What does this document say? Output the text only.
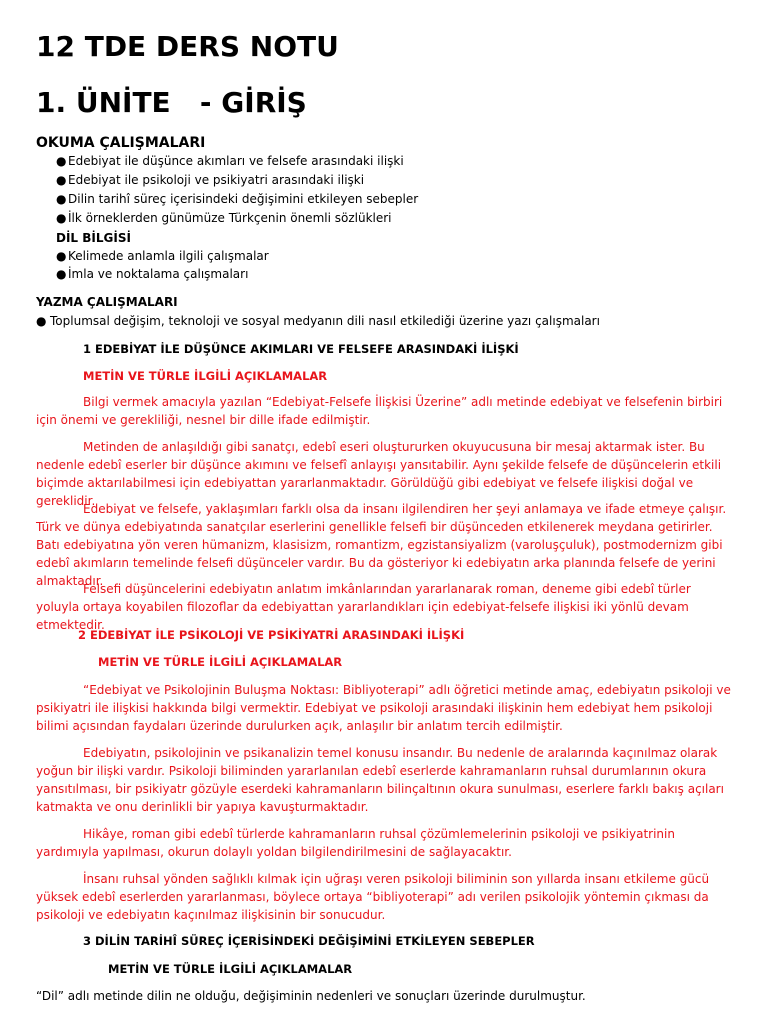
12 TDE DERS NOTU
1. ÜNİTE   - GİRİŞ
OKUMA ÇALIŞMALARI
● Edebiyat ile düşünce akımları ve felsefe arasındaki ilişki
● Edebiyat ile psikoloji ve psikiyatri arasındaki ilişki
● Dilin tarihî süreç içerisindeki değişimini etkileyen sebepler
● İlk örneklerden günümüze Türkçenin önemli sözlükleri
DİL BİLGİSİ
● Kelimede anlamla ilgili çalışmalar
● İmla ve noktalama çalışmaları
YAZMA ÇALIŞMALARI
● Toplumsal değişim, teknoloji ve sosyal medyanın dili nasıl etkilediği üzerine yazı çalışmaları
1 EDEBİYAT İLE DÜŞÜNCE AKIMLARI VE FELSEFE ARASINDAKİ İLİŞKİ
METİN VE TÜRLE İLGİLİ AÇIKLAMALAR

Bilgi vermek amacıyla yazılan “Edebiyat-Felsefe İlişkisi Üzerine” adlı metinde edebiyat ve felsefenin birbiri için önemi ve gerekliliği, nesnel bir dille ifade edilmiştir.

Metinden de anlaşıldığı gibi sanatçı, edebî eseri oluştururken okuyucusuna bir mesaj aktarmak ister. Bu nedenle edebî eserler bir düşünce akımını ve felsefî anlayışı yansıtabilir. Aynı şekilde felsefe de düşüncelerin etkili biçimde aktarılabilmesi için edebiyattan yararlanmaktadır. Görüldüğü gibi edebiyat ve felsefe ilişkisi doğal ve gereklidir.

Edebiyat ve felsefe, yaklaşımları farklı olsa da insanı ilgilendiren her şeyi anlamaya ve ifade etmeye çalışır. Türk ve dünya edebiyatında sanatçılar eserlerini genellikle felsefi bir düşünceden etkilenerek meydana getirirler. Batı edebiyatına yön veren hümanizm, klasisizm, romantizm, egzistansiyalizm (varoluşçuluk), postmodernizm gibi edebî akımların temelinde felsefi düşünceler vardır. Bu da gösteriyor ki edebiyatın arka planında felsefe de yerini almaktadır.

Felsefi düşüncelerini edebiyatın anlatım imkânlarından yararlanarak roman, deneme gibi edebî türler yoluyla ortaya koyabilen filozoflar da edebiyattan yararlandıkları için edebiyat-felsefe ilişkisi iki yönlü devam etmektedir.

2 EDEBİYAT İLE PSİKOLOJİ VE PSİKİYATRİ ARASINDAKİ İLİŞKİ
METİN VE TÜRLE İLGİLİ AÇIKLAMALAR

“Edebiyat ve Psikolojinin Buluşma Noktası: Bibliyoterapi” adlı öğretici metinde amaç, edebiyatın psikoloji ve psikiyatri ile ilişkisi hakkında bilgi vermektir. Edebiyat ve psikoloji arasındaki ilişkinin hem edebiyat hem psikoloji bilimi açısından faydaları üzerinde durulurken açık, anlaşılır bir anlatım tercih edilmiştir.

Edebiyatın, psikolojinin ve psikanalizin temel konusu insandır. Bu nedenle de aralarında kaçınılmaz olarak yoğun bir ilişki vardır. Psikoloji biliminden yararlanılan edebî eserlerde kahramanların ruhsal durumlarının okura yansıtılması, bir psikiyatr gözüyle eserdeki kahramanların bilinçaltının okura sunulması, eserlere farklı bakış açıları katmakta ve onu derinlikli bir yapıya kavuşturmaktadır.

Hikâye, roman gibi edebî türlerde kahramanların ruhsal çözümlemelerinin psikoloji ve psikiyatrinin yardımıyla yapılması, okurun dolaylı yoldan bilgilendirilmesini de sağlayacaktır.

İnsanı ruhsal yönden sağlıklı kılmak için uğraşı veren psikoloji biliminin son yıllarda insanı etkileme gücü yüksek edebî eserlerden yararlanması, böylece ortaya “bibliyoterapi” adı verilen psikolojik yöntemin çıkması da psikoloji ve edebiyatın kaçınılmaz ilişkisinin bir sonucudur.

3 DİLİN TARİHÎ SÜREÇ İÇERİSİNDEKİ DEĞİŞİMİNİ ETKİLEYEN SEBEPLER
METİN VE TÜRLE İLGİLİ AÇIKLAMALAR

“Dil” adlı metinde dilin ne olduğu, değişiminin nedenleri ve sonuçları üzerinde durulmuştur.
